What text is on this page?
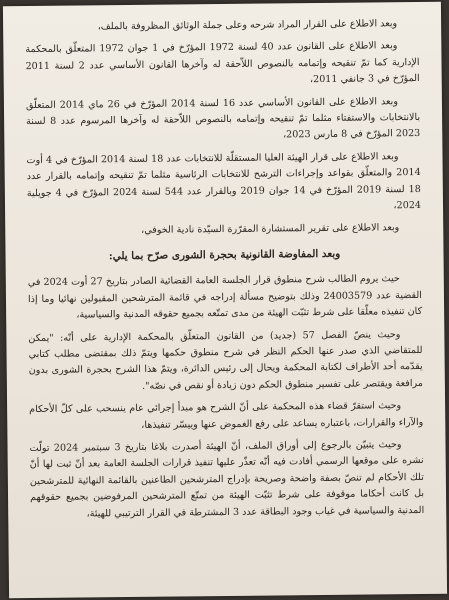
وبعد الاطلاع على القرار المراد شرحه وعلى جملة الوثائق المظروفة بالملف،

وبعد الاطلاع على القانون عدد 40 لسنة 1972 المؤرّخ في 1 جوان 1972 المتعلّق بالمحكمة الإدارية كما تمّ تنقيحه وإتمامه بالنصوص اللاّحقة له وآخرها القانون الأساسي عدد 2 لسنة 2011 المؤرّخ في 3 جانفي 2011،

وبعد الاطلاع على القانون الأساسي عدد 16 لسنة 2014 المؤرّخ في 26 ماي 2014 المتعلّق بالانتخابات والاستفتاء مثلما تمّ تنقيحه وإتمامه بالنصوص اللاّحقة له وآخرها المرسوم عدد 8 لسنة 2023 المؤرّخ في 8 مارس 2023،

وبعد الاطلاع على قرار الهيئة العليا المستقلّة للانتخابات عدد 18 لسنة 2014 المؤرّخ في 4 أوت 2014 والمتعلّق بقواعد وإجراءات الترشح للانتخابات الرئاسية مثلما تمّ تنقيحه وإتمامه بالقرار عدد 18 لسنة 2019 المؤرّخ في 14 جوان 2019 وبالقرار عدد 544 لسنة 2024 المؤرّخ في 4 جويلية 2024،

وبعد الاطلاع على تقرير المستشارة المقرّرة السيّدة نادية الخوفي،

وبعد المفاوضة القانونية بحجرة الشورى صرّح بما يلي:

حيث يروم الطالب شرح منطوق قرار الجلسة العامة القضائية الصادر بتاريخ 27 أوت 2024 في القضية عدد 24003579 وذلك بتوضيح مسألة إدراجه في قائمة المترشحين المقبولين نهائيا وما إذا كان تنفيذه معلّقا على شرط تثبّت الهيئة من مدى تمتّعه بجميع حقوقه المدنية والسياسية،

وحيث ينصّ الفصل 57 (جديد) من القانون المتعلّق بالمحكمة الإدارية على أنّه: "يمكن للمتقاضي الذي صدر عنها الحكم النظر في شرح منطوق حكمها ويتمّ ذلك بمقتضى مطلب كتابي يقدّمه أحد الأطراف لكتابة المحكمة ويحال إلى رئيس الدائرة، ويتمّ هذا الشرح بحجرة الشورى بدون مرافعة ويقتصر على تفسير منطوق الحكم دون زيادة أو نقص في نصّه".

وحيث استقرّ قضاء هذه المحكمة على أنّ الشرح هو مبدأ إجرائي عام ينسحب على كلّ الأحكام والآراء والقرارات، باعتباره يساعد على رفع الغموض عنها وييسّر تنفيذها،

وحيث يتبيّن بالرجوع إلى أوراق الملف، أنّ الهيئة أصدرت بلاغا بتاريخ 3 سبتمبر 2024 تولّت نشره على موقعها الرسمي أفادت فيه أنّه تعذّر عليها تنفيذ قرارات الجلسة العامة بعد أنّ ثبت لها أنّ تلك الأحكام لم تنصّ بصفة واضحة وصريحة بإدراج المترشحين الطاعنين بالقائمة النهائية للمترشحين بل كانت أحكاما موقوفة على شرط تثبّت الهيئة من تمتّع المترشحين المرفوضين بجميع حقوقهم المدنية والسياسية في غياب وجود البطاقة عدد 3 المشترطة في القرار الترتيبي للهيئة،
